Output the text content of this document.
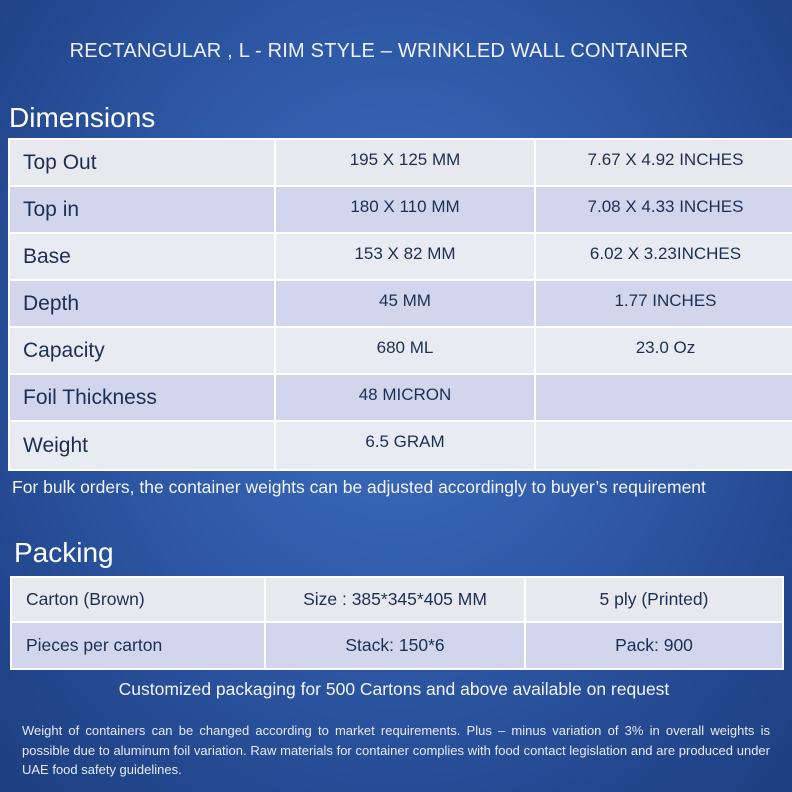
RECTANGULAR , L - RIM STYLE – WRINKLED WALL CONTAINER
Dimensions
Top Out	195 X 125 MM	7.67 X 4.92 INCHES
Top in	180 X 110 MM	7.08 X 4.33 INCHES
Base	153 X 82 MM	6.02 X 3.23INCHES
Depth	45 MM	1.77 INCHES
Capacity	680 ML	23.0 Oz
Foil Thickness	48 MICRON	
Weight	6.5 GRAM	
For bulk orders, the container weights can be adjusted accordingly to buyer’s requirement
Packing
Carton (Brown)	Size : 385*345*405 MM	5 ply (Printed)
Pieces per carton	Stack: 150*6	Pack: 900
Customized packaging for 500 Cartons and above available on request
Weight of containers can be changed according to market requirements. Plus – minus variation of 3% in overall weights is possible due to aluminum foil variation. Raw materials for container complies with food contact legislation and are produced under UAE food safety guidelines.
